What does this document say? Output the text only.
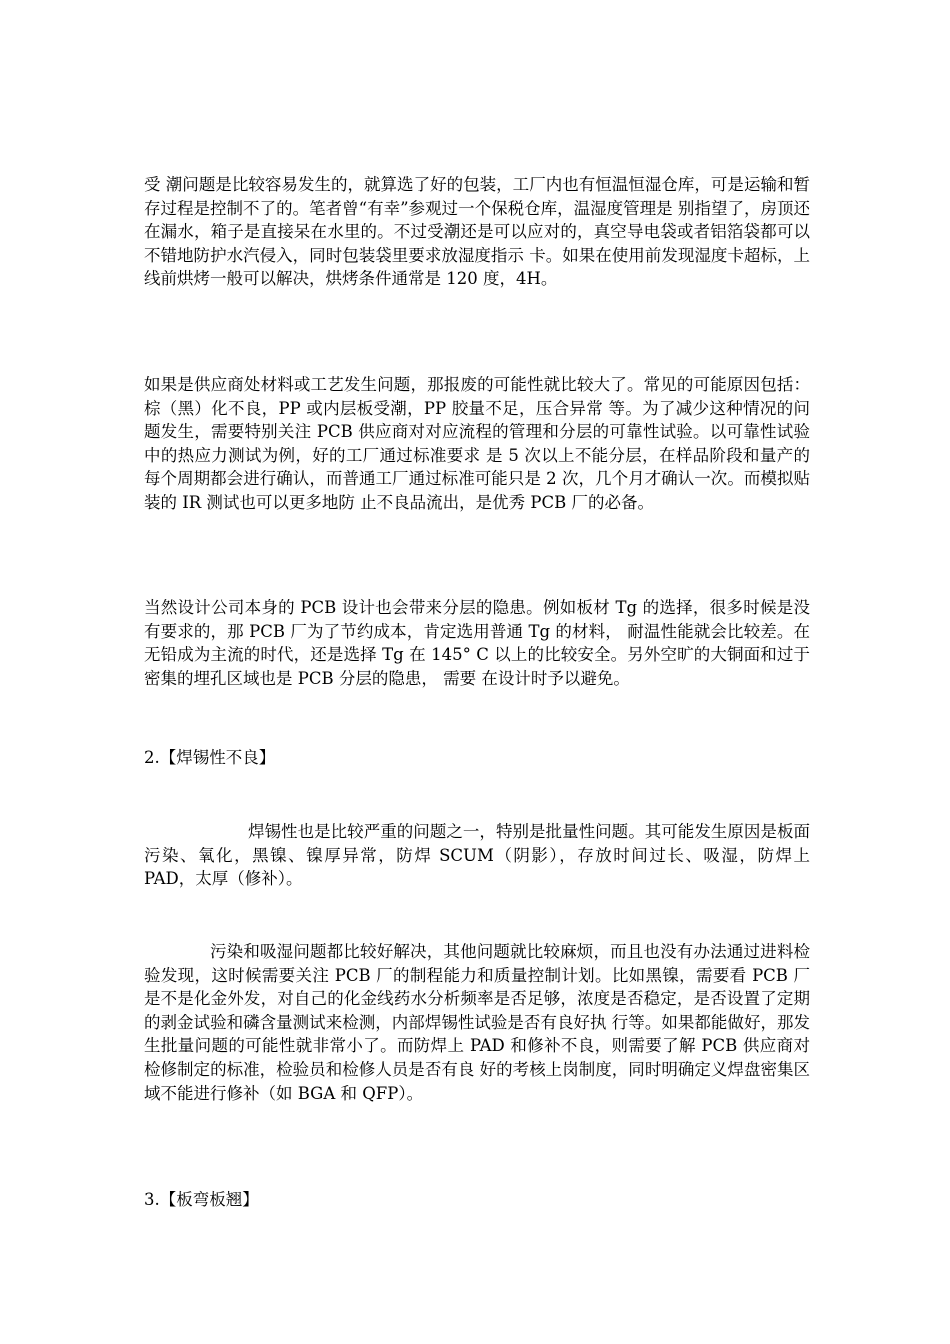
受 潮问题是比较容易发生的，就算选了好的包装，工厂内也有恒温恒湿仓库，可是运输和暂存过程是控制不了的。笔者曾“有幸”参观过一个保税仓库，温湿度管理是 别指望了，房顶还在漏水，箱子是直接呆在水里的。不过受潮还是可以应对的，真空导电袋或者铝箔袋都可以不错地防护水汽侵入，同时包装袋里要求放湿度指示 卡。如果在使用前发现湿度卡超标，上线前烘烤一般可以解决，烘烤条件通常是 120 度，4H。

如果是供应商处材料或工艺发生问题，那报废的可能性就比较大了。常见的可能原因包括：棕（黑）化不良，PP 或内层板受潮，PP 胶量不足，压合异常 等。为了减少这种情况的问题发生，需要特别关注 PCB 供应商对对应流程的管理和分层的可靠性试验。以可靠性试验中的热应力测试为例，好的工厂通过标准要求 是 5 次以上不能分层，在样品阶段和量产的每个周期都会进行确认，而普通工厂通过标准可能只是 2 次，几个月才确认一次。而模拟贴装的 IR 测试也可以更多地防 止不良品流出，是优秀 PCB 厂的必备。

当然设计公司本身的 PCB 设计也会带来分层的隐患。例如板材 Tg 的选择，很多时候是没有要求的，那 PCB 厂为了节约成本，肯定选用普通 Tg 的材料， 耐温性能就会比较差。在无铅成为主流的时代，还是选择 Tg 在 145° C 以上的比较安全。另外空旷的大铜面和过于密集的埋孔区域也是 PCB 分层的隐患， 需要 在设计时予以避免。

2.【焊锡性不良】

焊锡性也是比较严重的问题之一，特别是批量性问题。其可能发生原因是板面污染、氧化，黑镍、镍厚异常，防焊 SCUM（阴影），存放时间过长、吸湿，防焊上 PAD，太厚（修补）。

污染和吸湿问题都比较好解决，其他问题就比较麻烦，而且也没有办法通过进料检验发现，这时候需要关注 PCB 厂的制程能力和质量控制计划。比如黑镍，需要看 PCB 厂是不是化金外发，对自己的化金线药水分析频率是否足够，浓度是否稳定，是否设置了定期的剥金试验和磷含量测试来检测，内部焊锡性试验是否有良好执 行等。如果都能做好，那发生批量问题的可能性就非常小了。而防焊上 PAD 和修补不良，则需要了解 PCB 供应商对检修制定的标准，检验员和检修人员是否有良 好的考核上岗制度，同时明确定义焊盘密集区域不能进行修补（如 BGA 和 QFP）。

3.【板弯板翘】
